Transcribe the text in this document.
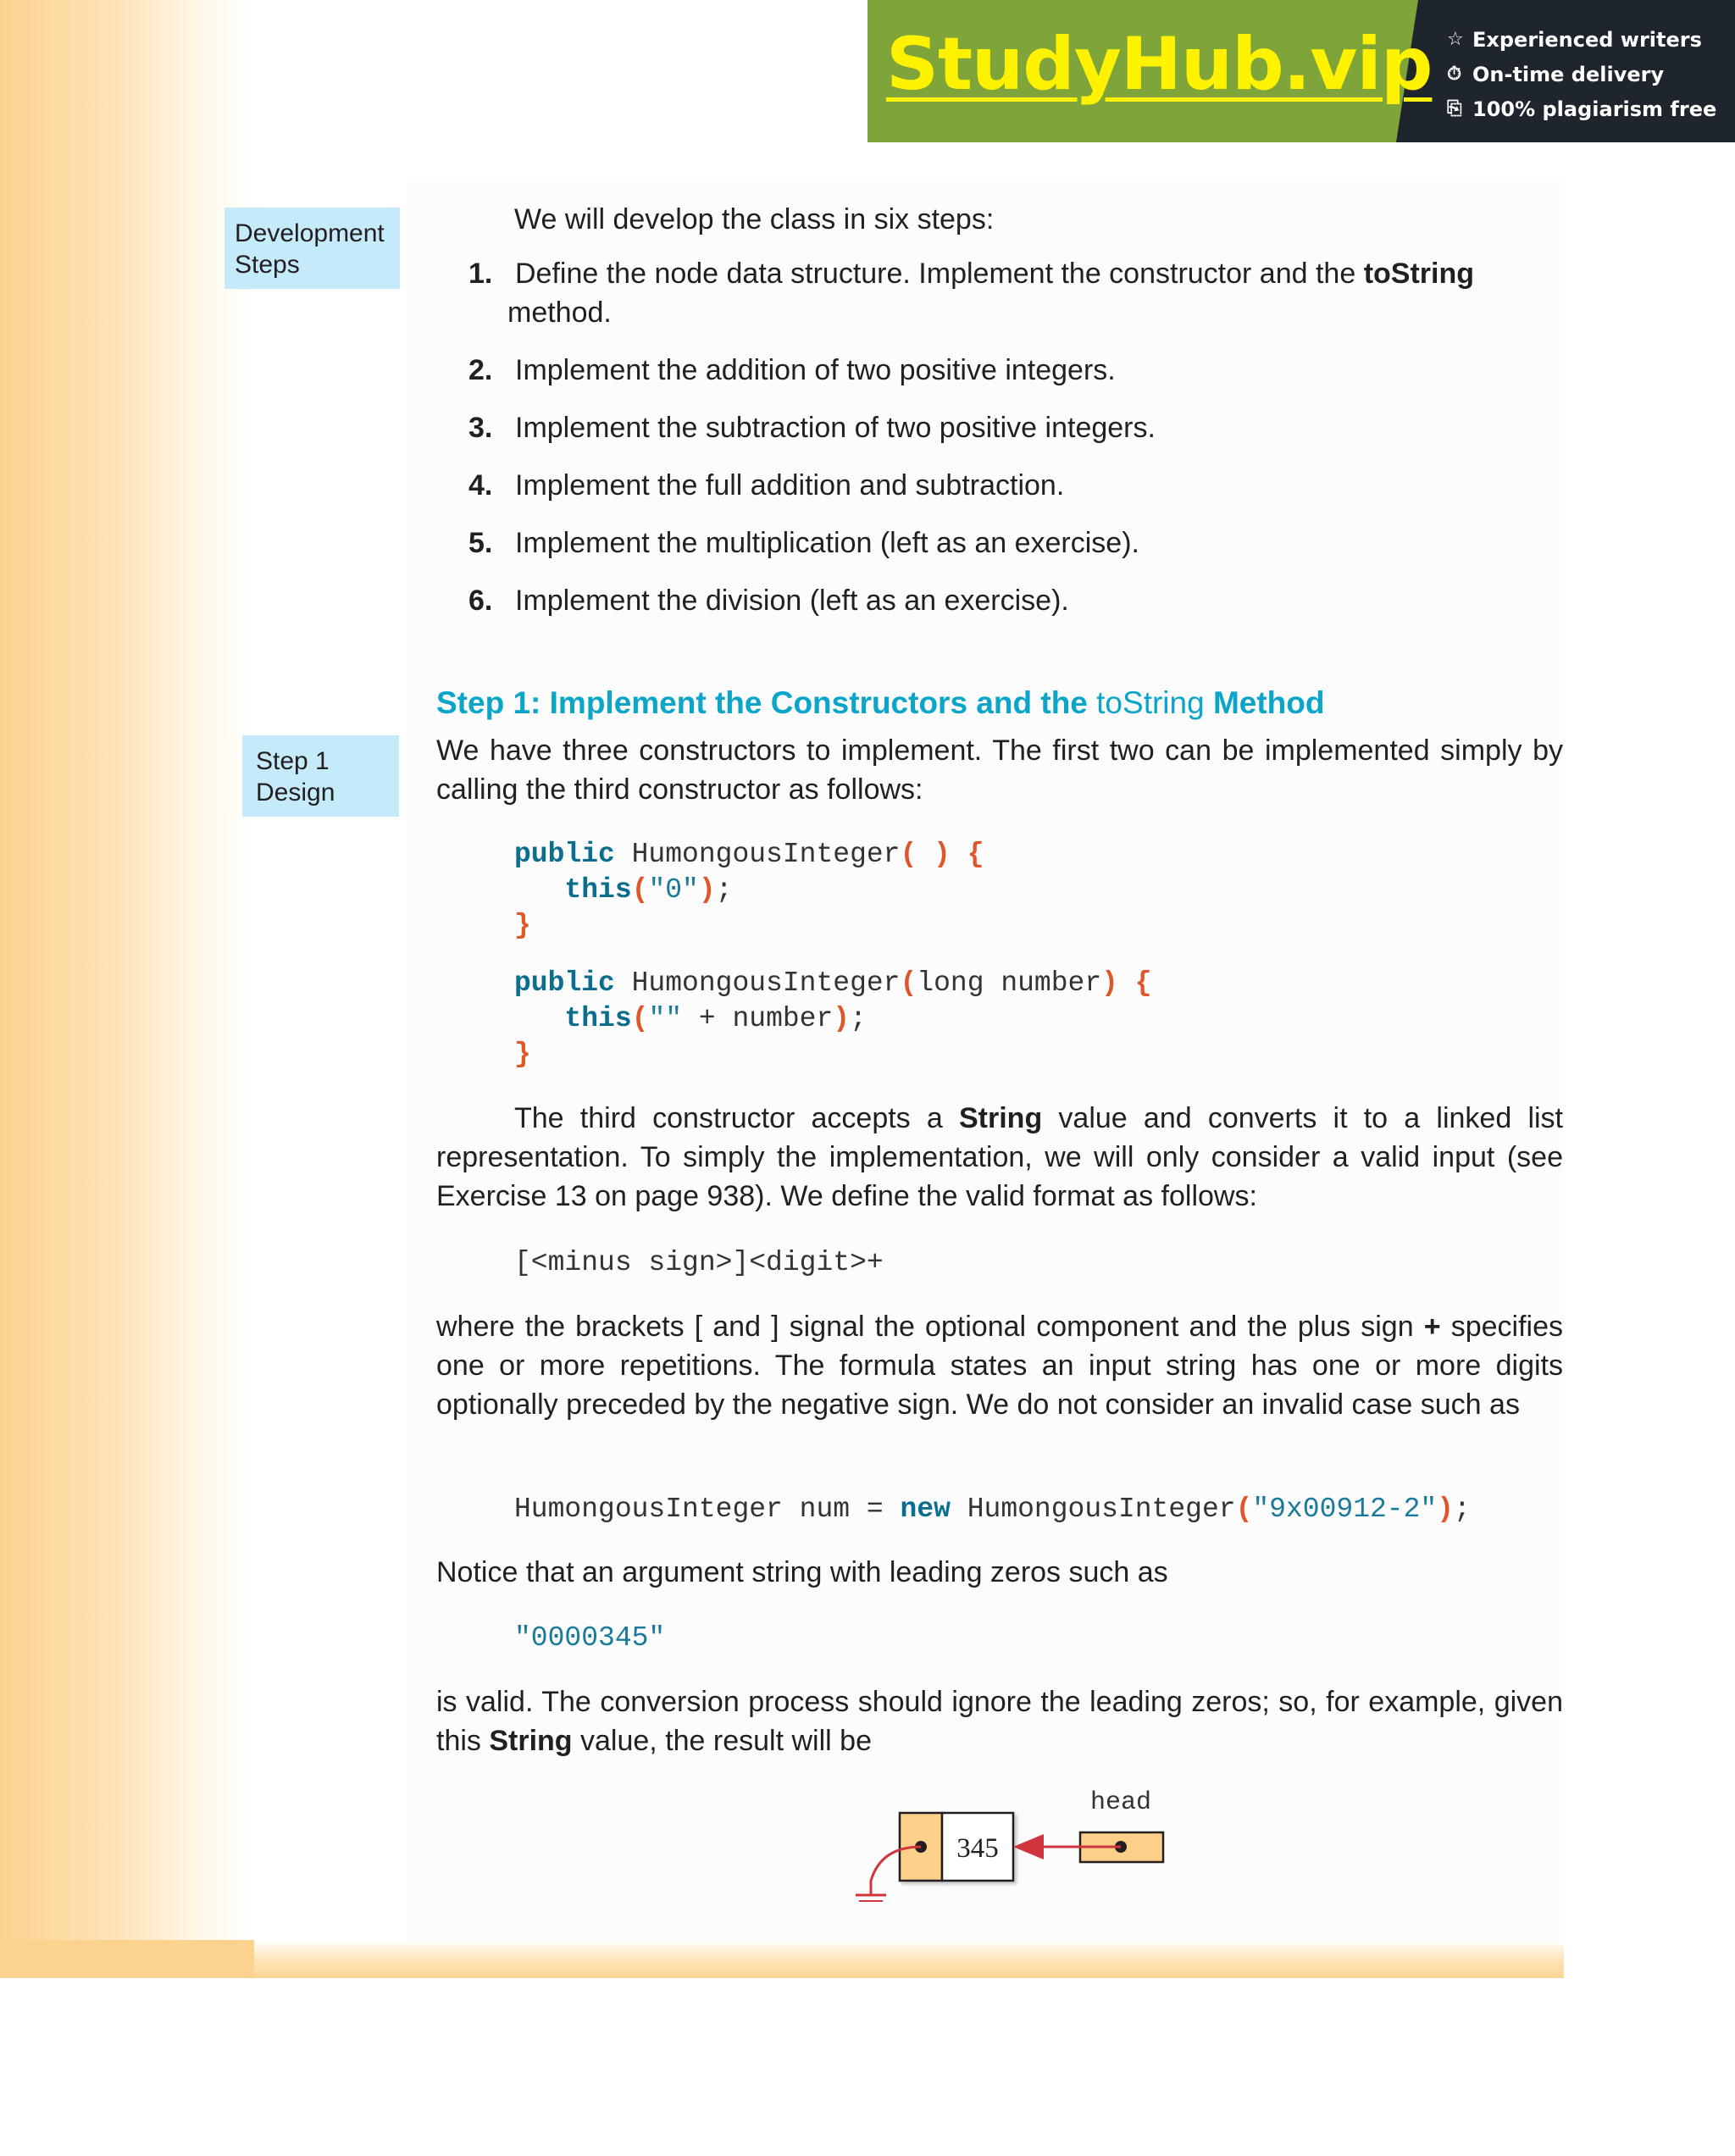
StudyHub.vip ☆ Experienced writers
⏱ On-time delivery
⎘ 100% plagiarism free
Development
Steps
Step 1
Design
We will develop the class in six steps:
1. Define the node data structure. Implement the constructor and the toString
method.
2. Implement the addition of two positive integers.
3. Implement the subtraction of two positive integers.
4. Implement the full addition and subtraction.
5. Implement the multiplication (left as an exercise).
6. Implement the division (left as an exercise).
Step 1: Implement the Constructors and the toString Method
We have three constructors to implement. The first two can be implemented simply by calling the third constructor as follows:
public HumongousInteger( ) {
this("0");
}
public HumongousInteger(long number) {
this("" + number);
}
The third constructor accepts a String value and converts it to a linked list representation. To simply the implementation, we will only consider a valid input (see Exercise 13 on page 938). We define the valid format as follows:
[<minus sign>]<digit>+
where the brackets [ and ] signal the optional component and the plus sign + specifies one or more repetitions. The formula states an input string has one or more digits optionally preceded by the negative sign. We do not consider an invalid case such as
HumongousInteger num = new HumongousInteger("9x00912-2");
Notice that an argument string with leading zeros such as
"0000345"
is valid. The conversion process should ignore the leading zeros; so, for example, given this String value, the result will be
345
head
